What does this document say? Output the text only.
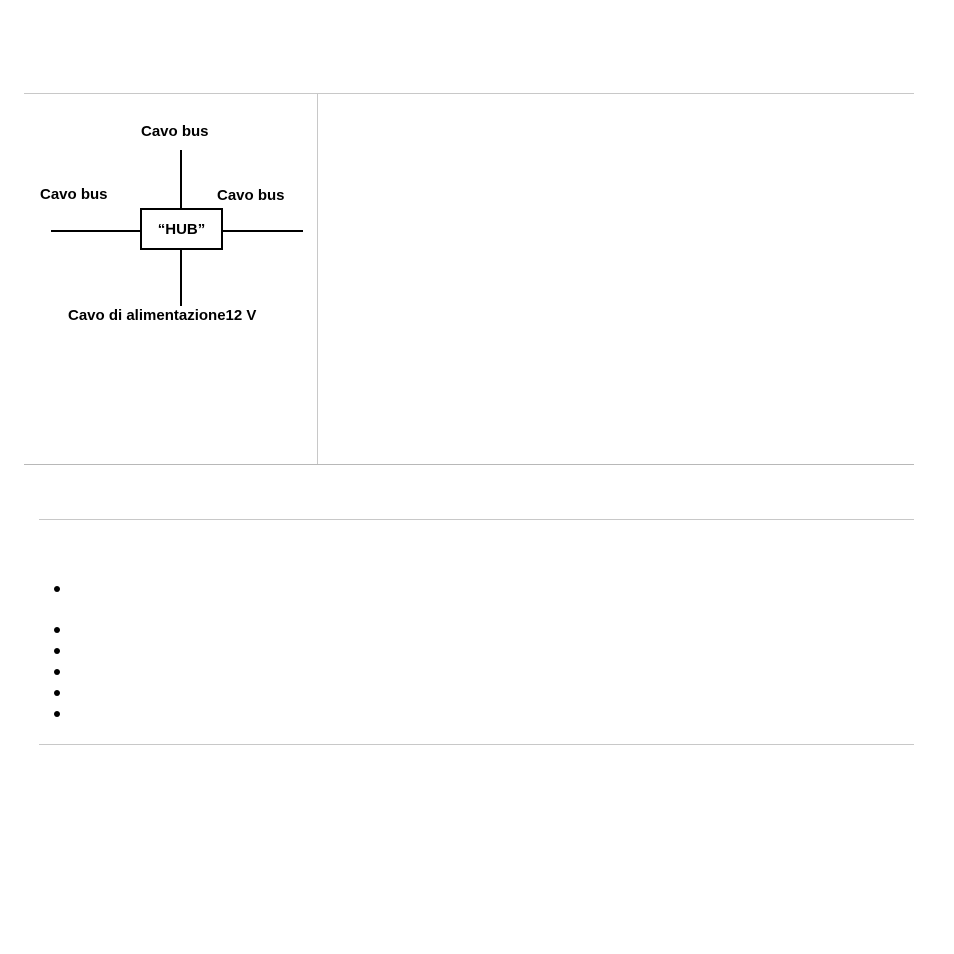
Cavo bus
Cavo bus	Cavo bus
Cavo di alimentazione12 V
“HUB”
